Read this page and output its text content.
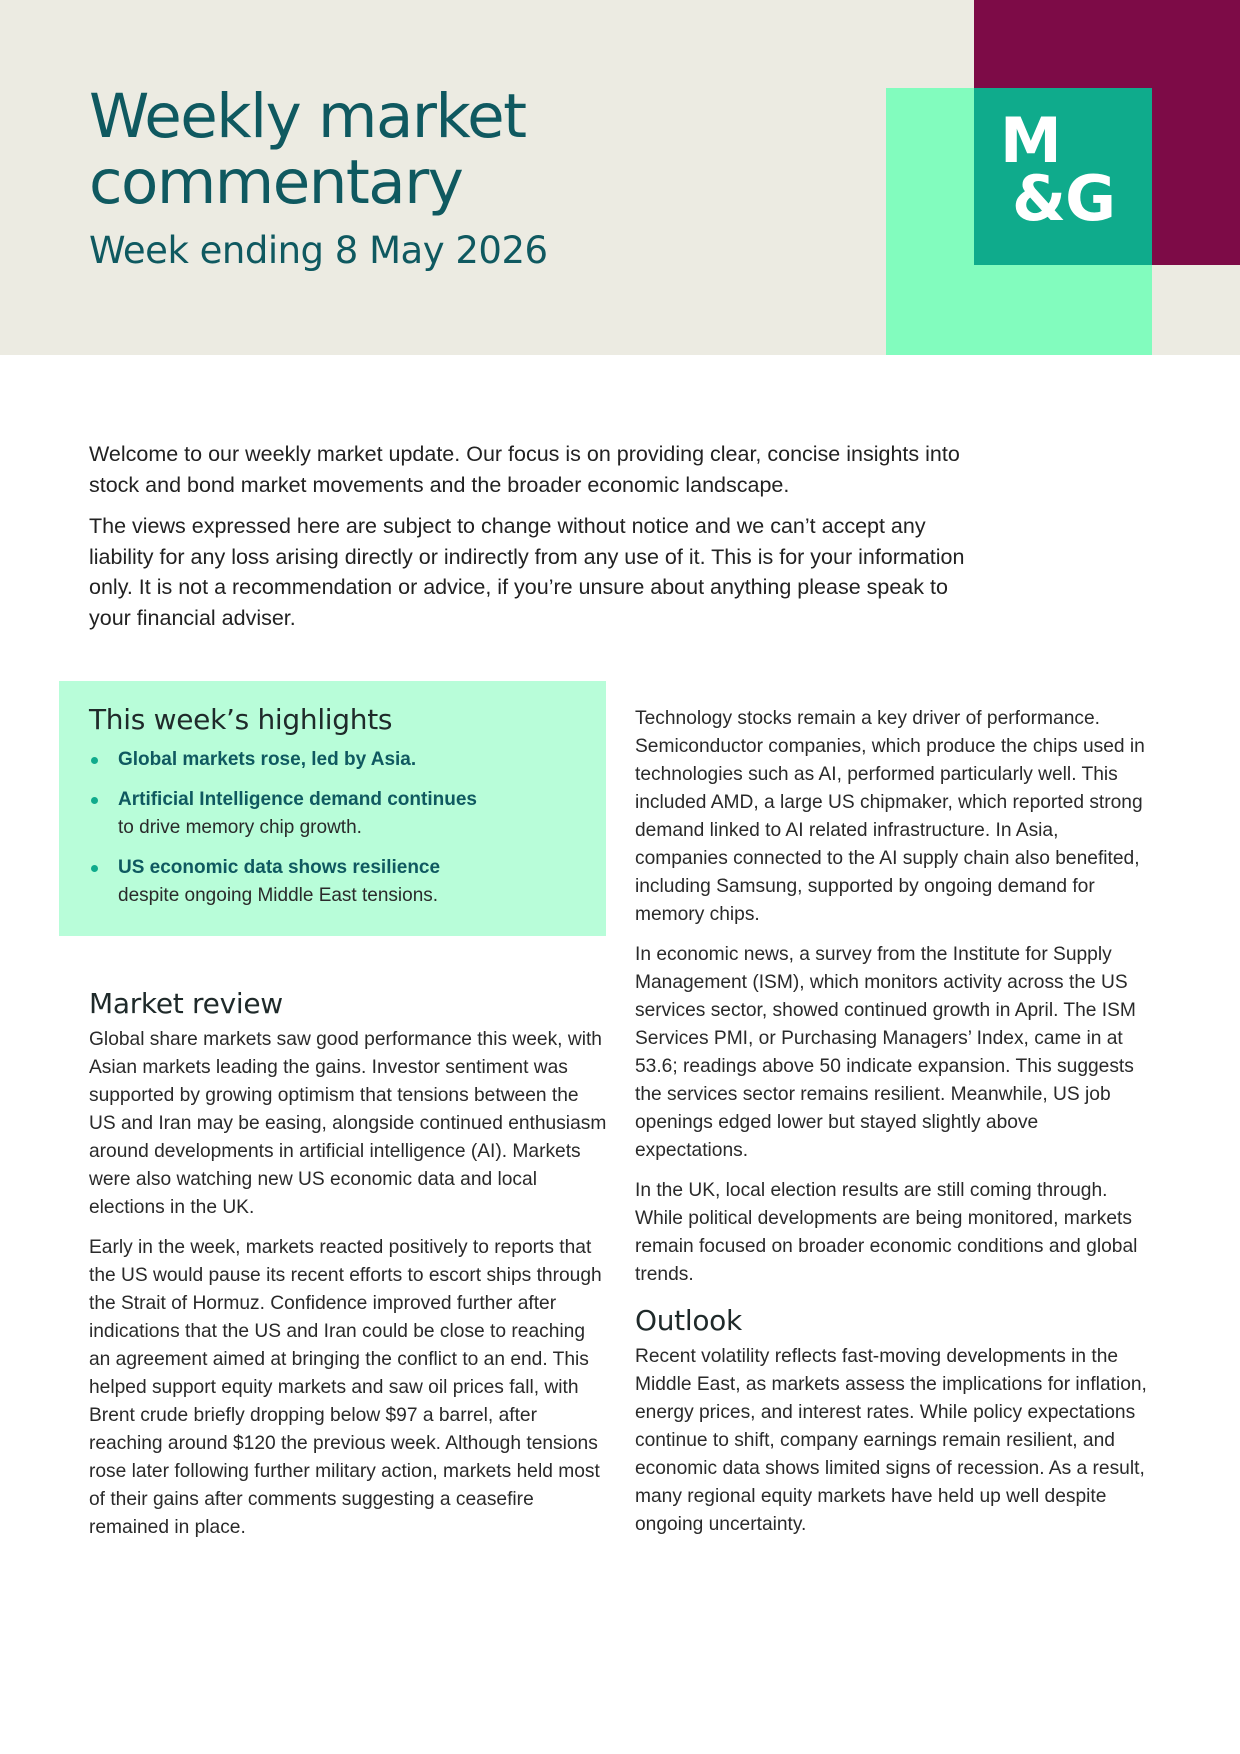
Weekly market commentary
Week ending 8 May 2026
M
&G

Welcome to our weekly market update. Our focus is on providing clear, concise insights into stock and bond market movements and the broader economic landscape.

The views expressed here are subject to change without notice and we can’t accept any liability for any loss arising directly or indirectly from any use of it. This is for your information only. It is not a recommendation or advice, if you’re unsure about anything please speak to your financial adviser.

This week’s highlights
Global markets rose, led by Asia.
Artificial Intelligence demand continues
to drive memory chip growth.
US economic data shows resilience
despite ongoing Middle East tensions.
Market review

Global share markets saw good performance this week, with Asian markets leading the gains. Investor sentiment was supported by growing optimism that tensions between the US and Iran may be easing, alongside continued enthusiasm around developments in artificial intelligence (AI). Markets were also watching new US economic data and local elections in the UK.

Early in the week, markets reacted positively to reports that the US would pause its recent efforts to escort ships through the Strait of Hormuz. Confidence improved further after indications that the US and Iran could be close to reaching an agreement aimed at bringing the conflict to an end. This helped support equity markets and saw oil prices fall, with Brent crude briefly dropping below $97 a barrel, after reaching around $120 the previous week. Although tensions rose later following further military action, markets held most of their gains after comments suggesting a ceasefire remained in place.

Technology stocks remain a key driver of performance. Semiconductor companies, which produce the chips used in technologies such as AI, performed particularly well. This included AMD, a large US chipmaker, which reported strong demand linked to AI related infrastructure. In Asia, companies connected to the AI supply chain also benefited, including Samsung, supported by ongoing demand for memory chips.

In economic news, a survey from the Institute for Supply Management (ISM), which monitors activity across the US services sector, showed continued growth in April. The ISM Services PMI, or Purchasing Managers’ Index, came in at 53.6; readings above 50 indicate expansion. This suggests the services sector remains resilient. Meanwhile, US job openings edged lower but stayed slightly above expectations.

In the UK, local election results are still coming through. While political developments are being monitored, markets remain focused on broader economic conditions and global trends.

Outlook

Recent volatility reflects fast-moving developments in the Middle East, as markets assess the implications for inflation, energy prices, and interest rates. While policy expectations continue to shift, company earnings remain resilient, and economic data shows limited signs of recession. As a result, many regional equity markets have held up well despite ongoing uncertainty.
